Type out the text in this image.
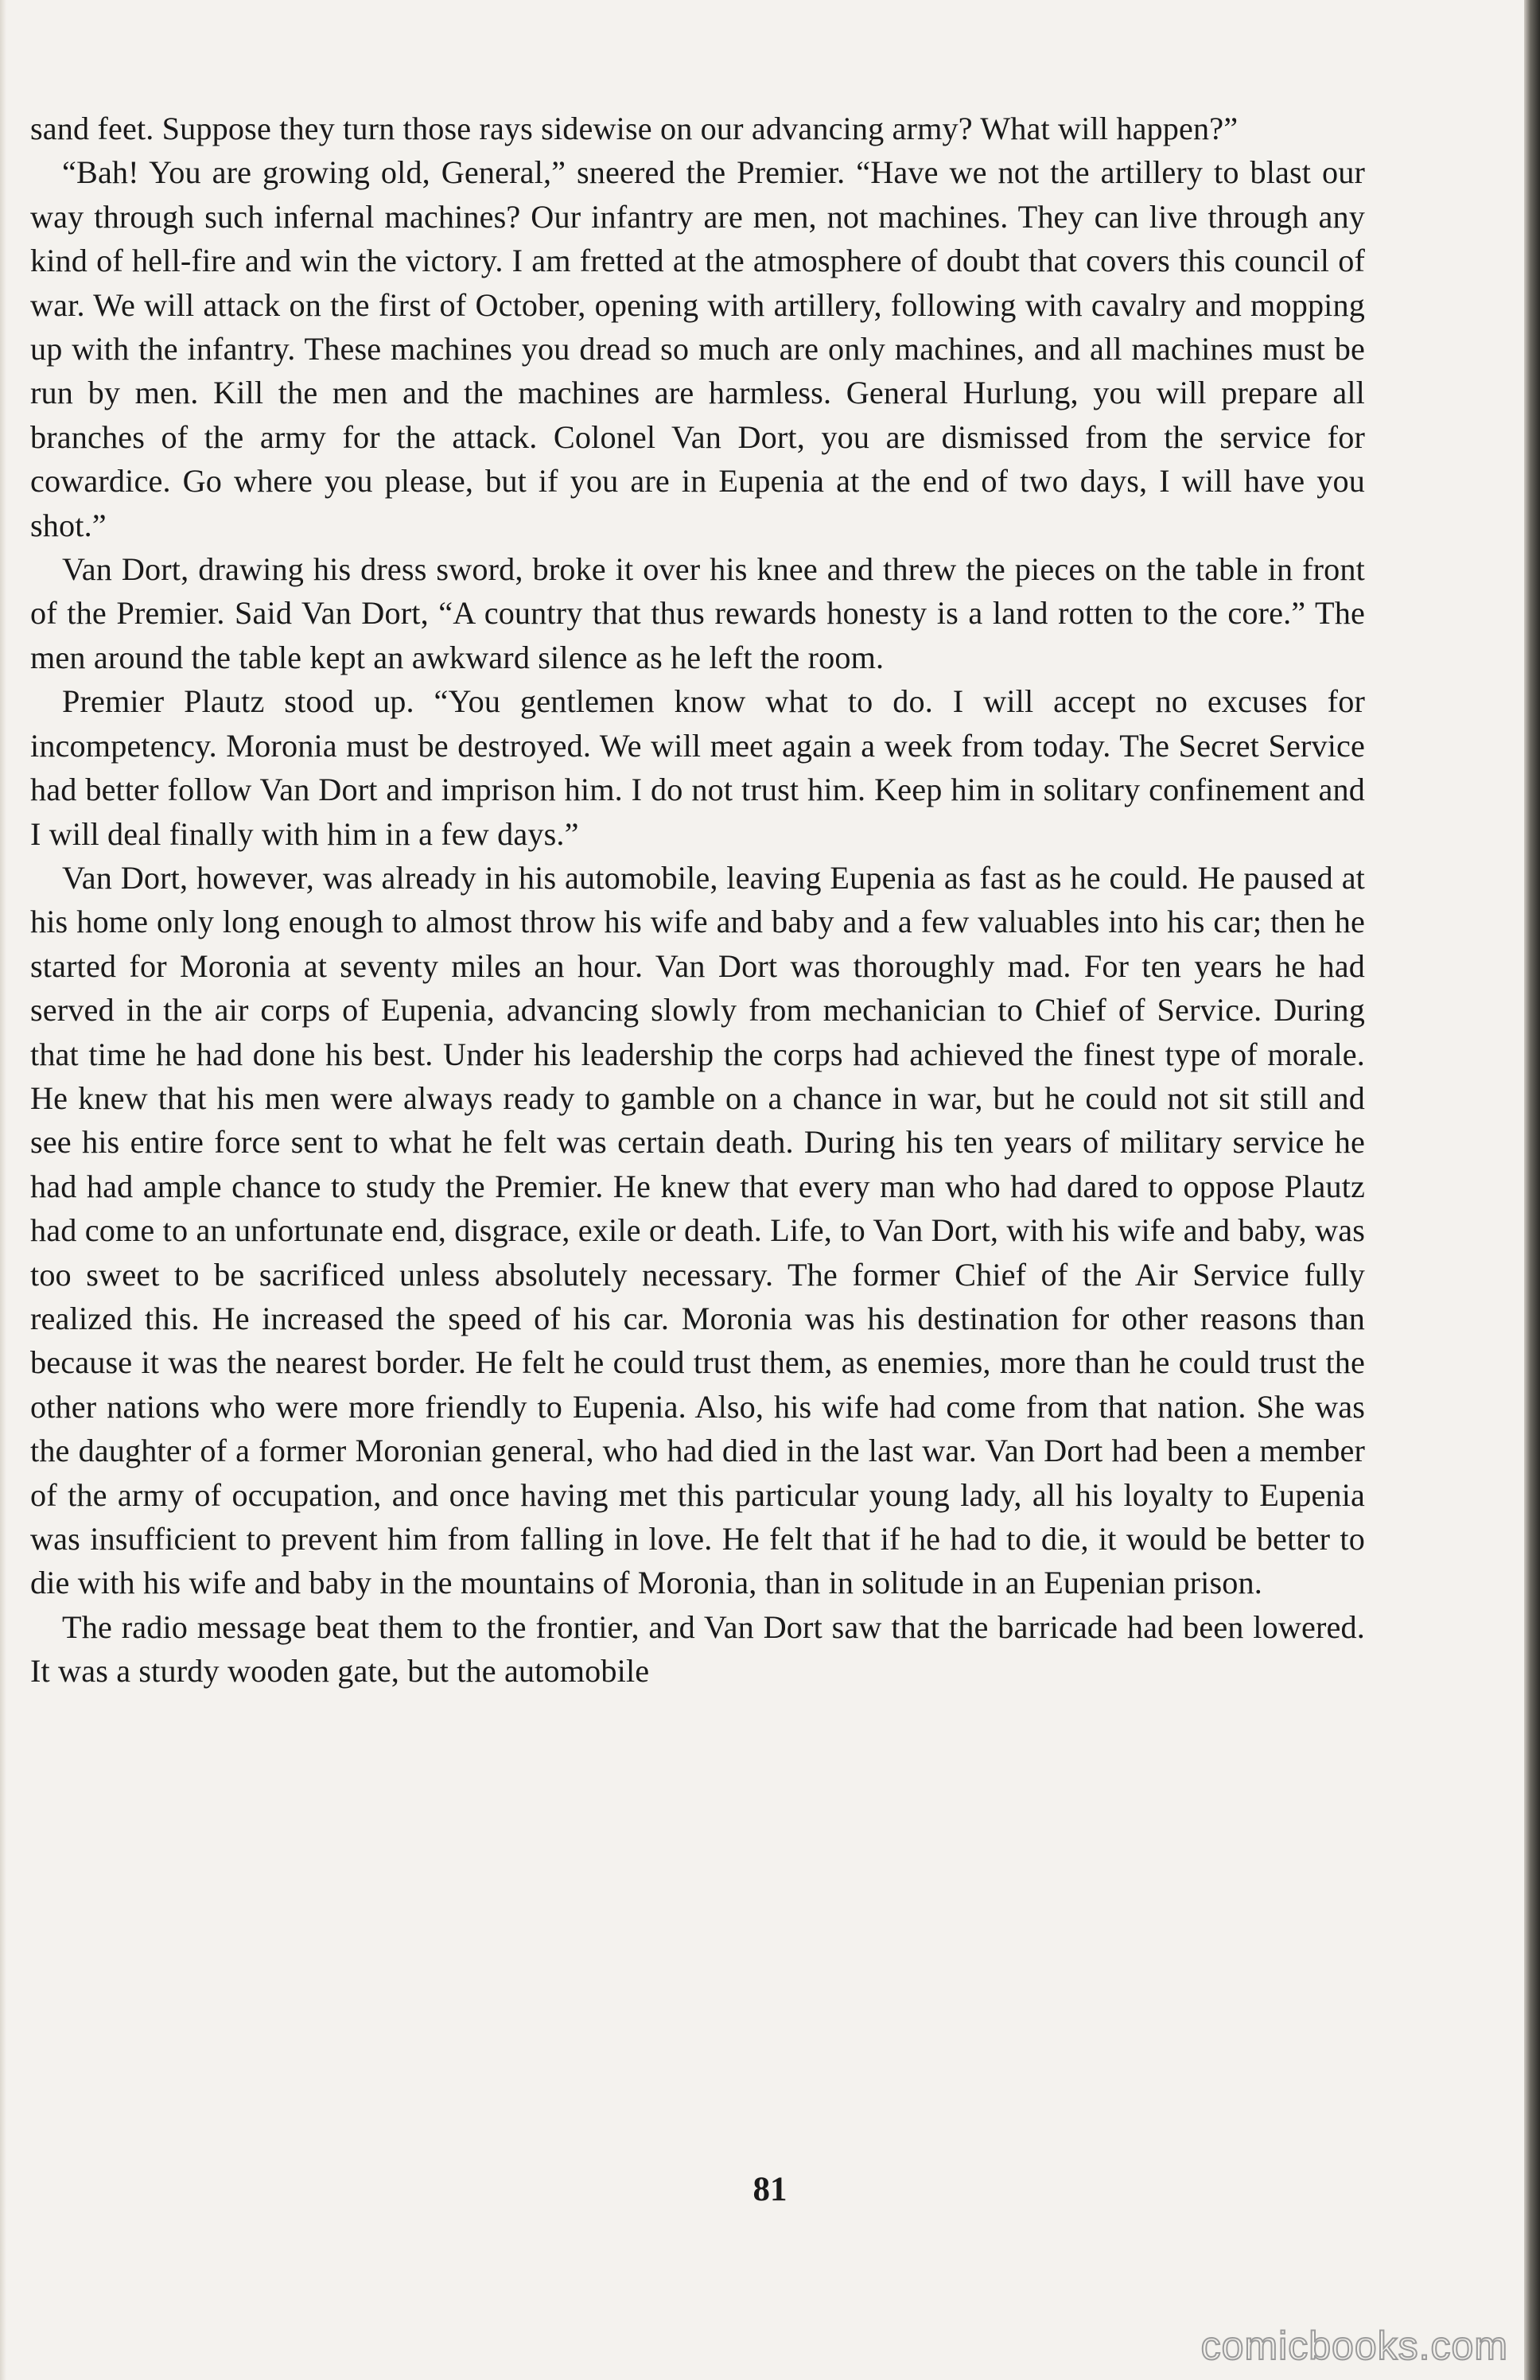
sand feet. Suppose they turn those rays sidewise on our advancing army? What will happen?”

“Bah! You are growing old, General,” sneered the Premier. “Have we not the artillery to blast our way through such infernal machines? Our infantry are men, not machines. They can live through any kind of hell-fire and win the victory. I am fretted at the atmosphere of doubt that covers this council of war. We will attack on the first of October, opening with artillery, following with cavalry and mopping up with the infantry. These machines you dread so much are only machines, and all machines must be run by men. Kill the men and the machines are harmless. General Hurlung, you will prepare all branches of the army for the attack. Colonel Van Dort, you are dismissed from the service for cowardice. Go where you please, but if you are in Eupenia at the end of two days, I will have you shot.”

Van Dort, drawing his dress sword, broke it over his knee and threw the pieces on the table in front of the Premier. Said Van Dort, “A country that thus rewards honesty is a land rotten to the core.” The men around the table kept an awkward silence as he left the room.

Premier Plautz stood up. “You gentlemen know what to do. I will accept no excuses for incompetency. Moronia must be destroyed. We will meet again a week from today. The Secret Service had better follow Van Dort and imprison him. I do not trust him. Keep him in solitary confinement and I will deal finally with him in a few days.”

Van Dort, however, was already in his automobile, leaving Eupenia as fast as he could. He paused at his home only long enough to almost throw his wife and baby and a few valuables into his car; then he started for Moronia at seventy miles an hour. Van Dort was thoroughly mad. For ten years he had served in the air corps of Eupenia, advancing slowly from mechanician to Chief of Service. During that time he had done his best. Under his leadership the corps had achieved the finest type of morale. He knew that his men were always ready to gamble on a chance in war, but he could not sit still and see his entire force sent to what he felt was certain death. During his ten years of military service he had had ample chance to study the Premier. He knew that every man who had dared to oppose Plautz had come to an unfortunate end, disgrace, exile or death. Life, to Van Dort, with his wife and baby, was too sweet to be sacrificed unless absolutely necessary. The former Chief of the Air Service fully realized this. He increased the speed of his car. Moronia was his destination for other reasons than because it was the nearest border. He felt he could trust them, as enemies, more than he could trust the other nations who were more friendly to Eupenia. Also, his wife had come from that nation. She was the daughter of a former Moronian general, who had died in the last war. Van Dort had been a member of the army of occupation, and once having met this particular young lady, all his loyalty to Eupenia was insufficient to prevent him from falling in love. He felt that if he had to die, it would be better to die with his wife and baby in the mountains of Moronia, than in solitude in an Eupenian prison.

The radio message beat them to the frontier, and Van Dort saw that the barricade had been lowered. It was a sturdy wooden gate, but the automobile

81
comicbooks.com
